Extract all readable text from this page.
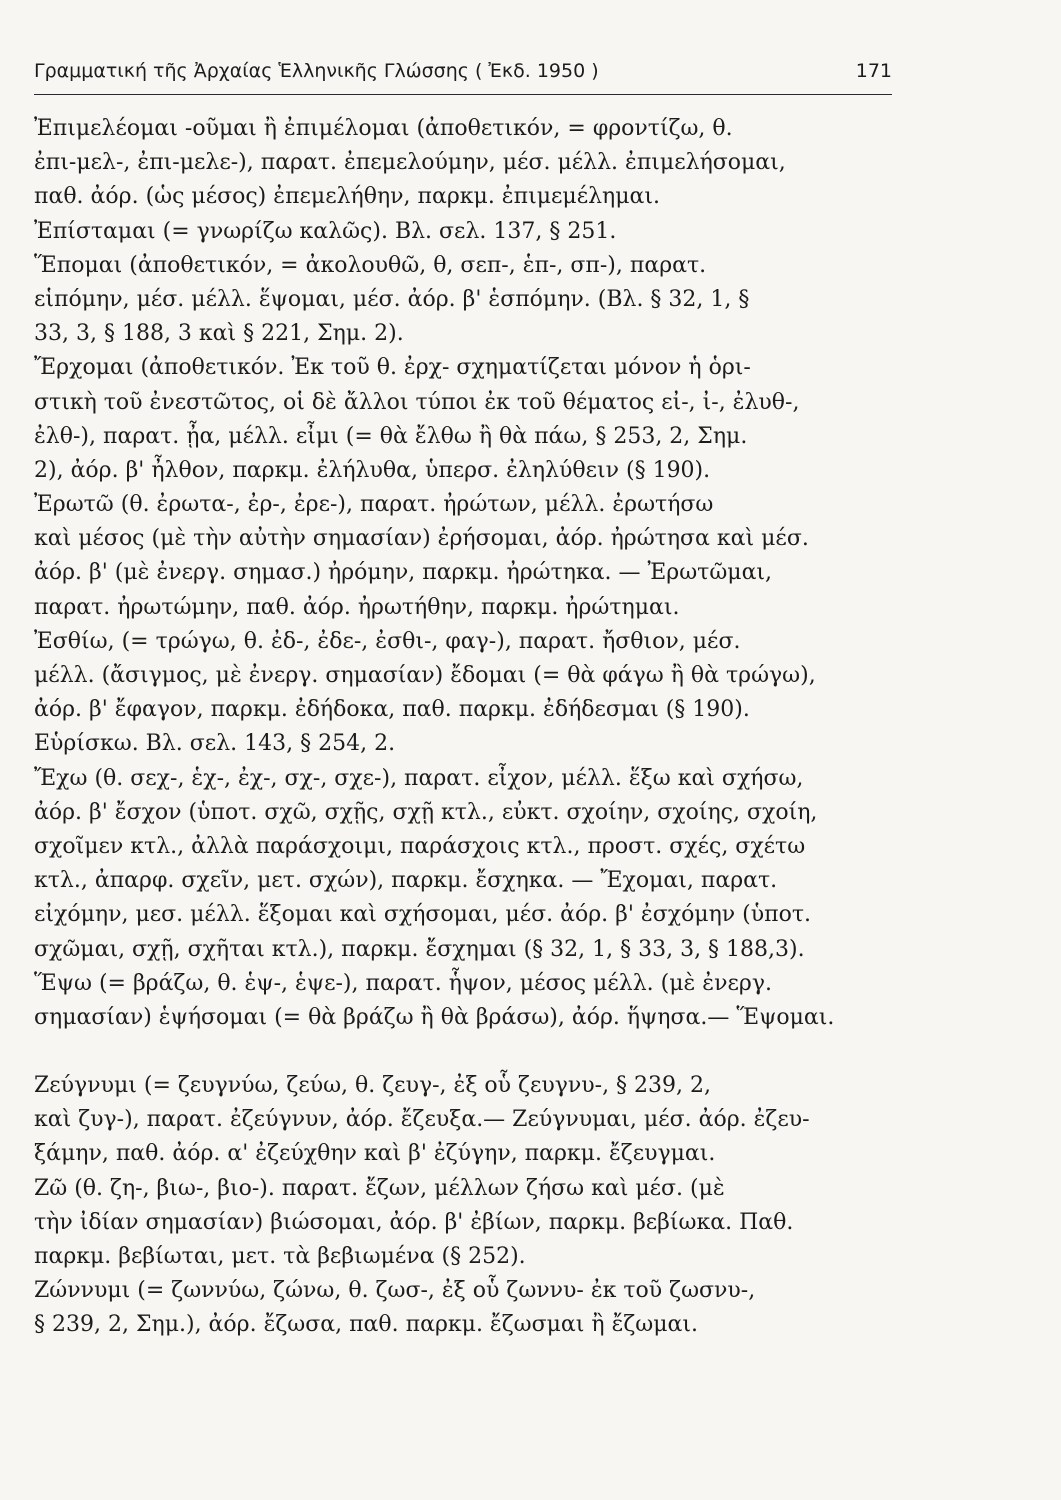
Γραμματική τῆς Ἀρχαίας Ἑλληνικῆς Γλώσσης ( Ἐκδ. 1950 )	171
Ἐπιμελέομαι -οῦμαι ἢ ἐπιμέλομαι (ἀποθετικόν, = φροντίζω, θ.
ἐπι-μελ-, ἐπι-μελε-), παρατ. ἐπεμελούμην, μέσ. μέλλ. ἐπιμελήσομαι,
παθ. ἀόρ. (ὡς μέσος) ἐπεμελήθην, παρκμ. ἐπιμεμέλημαι.
Ἐπίσταμαι (= γνωρίζω καλῶς). Βλ. σελ. 137, § 251.
Ἕπομαι (ἀποθετικόν, = ἀκολουθῶ, θ, σεπ-, ἑπ-, σπ-), παρατ.
εἱπόμην, μέσ. μέλλ. ἕψομαι, μέσ. ἀόρ. β' ἑσπόμην. (Βλ. § 32, 1, §
33, 3, § 188, 3 καὶ § 221, Σημ. 2).
Ἔρχομαι (ἀποθετικόν. Ἐκ τοῦ θ. ἐρχ- σχηματίζεται μόνον ἡ ὁρι-
στικὴ τοῦ ἐνεστῶτος, οἱ δὲ ἄλλοι τύποι ἐκ τοῦ θέματος εἰ-, ἰ-, ἐλυθ-,
ἐλθ-), παρατ. ᾖα, μέλλ. εἶμι (= θὰ ἔλθω ἢ θὰ πάω, § 253, 2, Σημ.
2), ἀόρ. β' ἦλθον, παρκμ. ἐλήλυθα, ὑπερσ. ἐληλύθειν (§ 190).
Ἐρωτῶ (θ. ἐρωτα-, ἐρ-, ἐρε-), παρατ. ἠρώτων, μέλλ. ἐρωτήσω
καὶ μέσος (μὲ τὴν αὐτὴν σημασίαν) ἐρήσομαι, ἀόρ. ἠρώτησα καὶ μέσ.
ἀόρ. β' (μὲ ἐνεργ. σημασ.) ἠρόμην, παρκμ. ἠρώτηκα. — Ἐρωτῶμαι,
παρατ. ἠρωτώμην, παθ. ἀόρ. ἠρωτήθην, παρκμ. ἠρώτημαι.
Ἐσθίω, (= τρώγω, θ. ἐδ-, ἐδε-, ἐσθι-, φαγ-), παρατ. ἤσθιον, μέσ.
μέλλ. (ἄσιγμος, μὲ ἐνεργ. σημασίαν) ἔδομαι (= θὰ φάγω ἢ θὰ τρώγω),
ἀόρ. β' ἔφαγον, παρκμ. ἐδήδοκα, παθ. παρκμ. ἐδήδεσμαι (§ 190).
Εὑρίσκω. Βλ. σελ. 143, § 254, 2.
Ἔχω (θ. σεχ-, ἑχ-, ἐχ-, σχ-, σχε-), παρατ. εἶχον, μέλλ. ἕξω καὶ σχήσω,
ἀόρ. β' ἔσχον (ὑποτ. σχῶ, σχῇς, σχῇ κτλ., εὐκτ. σχοίην, σχοίης, σχοίη,
σχοῖμεν κτλ., ἀλλὰ παράσχοιμι, παράσχοις κτλ., προστ. σχές, σχέτω
κτλ., ἀπαρφ. σχεῖν, μετ. σχών), παρκμ. ἔσχηκα. — Ἔχομαι, παρατ.
εἰχόμην, μεσ. μέλλ. ἕξομαι καὶ σχήσομαι, μέσ. ἀόρ. β' ἐσχόμην (ὑποτ.
σχῶμαι, σχῇ, σχῆται κτλ.), παρκμ. ἔσχημαι (§ 32, 1, § 33, 3, § 188,3).
Ἕψω (= βράζω, θ. ἑψ-, ἑψε-), παρατ. ἧψον, μέσος μέλλ. (μὲ ἐνεργ.
σημασίαν) ἑψήσομαι (= θὰ βράζω ἢ θὰ βράσω), ἀόρ. ἥψησα.— Ἕψομαι.
Ζεύγνυμι (= ζευγνύω, ζεύω, θ. ζευγ-, ἐξ οὗ ζευγνυ-, § 239, 2,
καὶ ζυγ-), παρατ. ἐζεύγνυν, ἀόρ. ἔζευξα.— Ζεύγνυμαι, μέσ. ἀόρ. ἐζευ-
ξάμην, παθ. ἀόρ. α' ἐζεύχθην καὶ β' ἐζύγην, παρκμ. ἔζευγμαι.
Ζῶ (θ. ζη-, βιω-, βιο-). παρατ. ἔζων, μέλλων ζήσω καὶ μέσ. (μὲ
τὴν ἰδίαν σημασίαν) βιώσομαι, ἀόρ. β' ἐβίων, παρκμ. βεβίωκα. Παθ.
παρκμ. βεβίωται, μετ. τὰ βεβιωμένα (§ 252).
Ζώννυμι (= ζωννύω, ζώνω, θ. ζωσ-, ἐξ οὗ ζωννυ- ἐκ τοῦ ζωσνυ-,
§ 239, 2, Σημ.), ἀόρ. ἔζωσα, παθ. παρκμ. ἔζωσμαι ἢ ἔζωμαι.
